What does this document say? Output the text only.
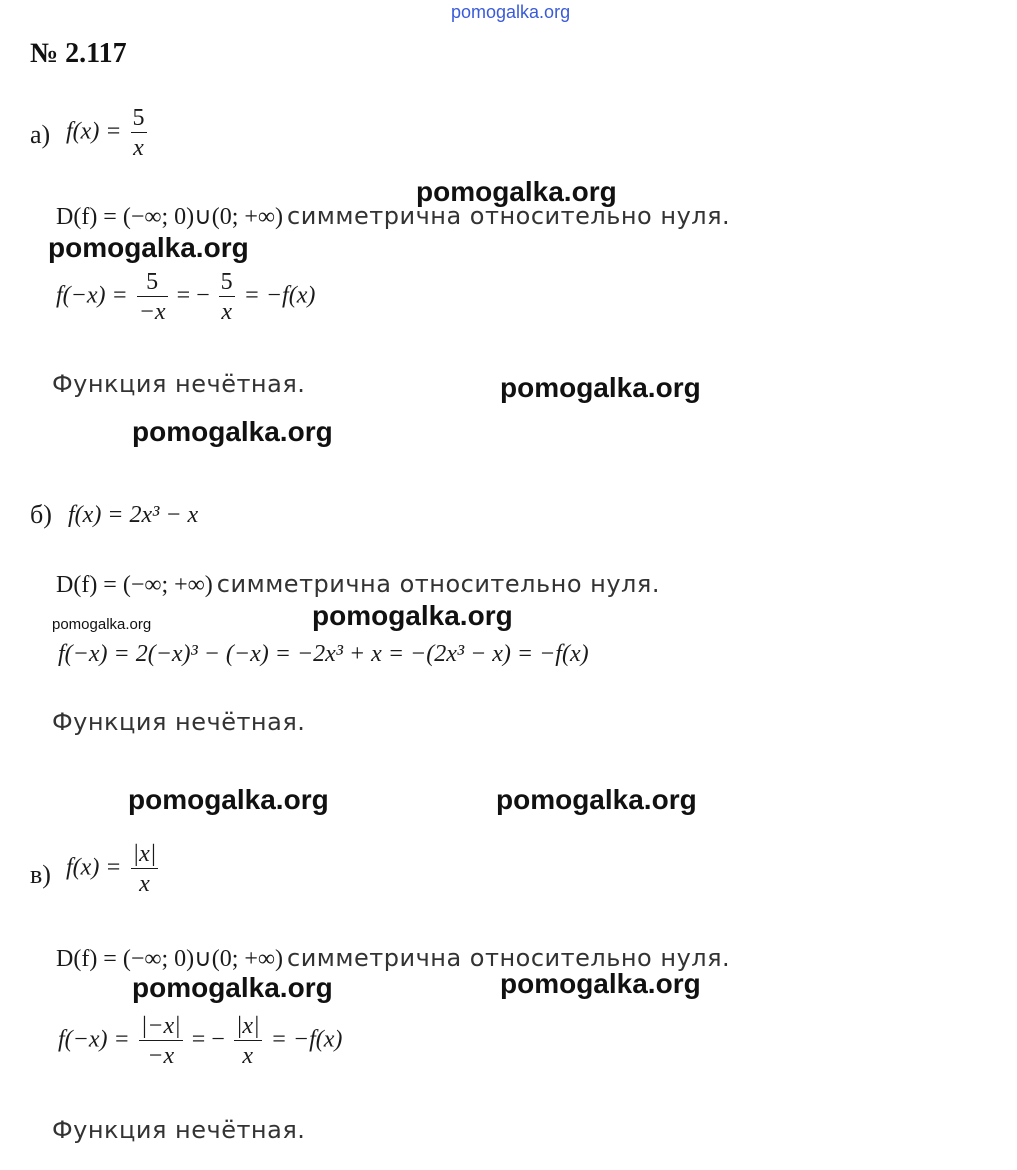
pomogalka.org
№ 2.117
а) $f(x) = \frac{5}{x}$
D(f) = (−∞; 0)∪(0; +∞) симметрична относительно нуля.
$f(-x) = \frac{5}{-x}$ = − $\frac{5}{x} = -f(x)$
Функция нечётная.
б) f(x) = 2x³ − x
D(f) = (−∞; +∞) симметрична относительно нуля.
f(−x) = 2(−x)³ − (−x) = −2x³ + x = −(2x³ − x) = −f(x)
Функция нечётная.
в) $f(x) = \frac{|x|}{x}$
D(f) = (−∞; 0)∪(0; +∞) симметрична относительно нуля.
$f(-x) = \frac{|-x|}{-x}$ = − $\frac{|x|}{x} = -f(x)$
Функция нечётная.
pomogalka.org
pomogalka.org
pomogalka.org
pomogalka.org
pomogalka.org
pomogalka.org
pomogalka.org	pomogalka.org
pomogalka.org	pomogalka.org
